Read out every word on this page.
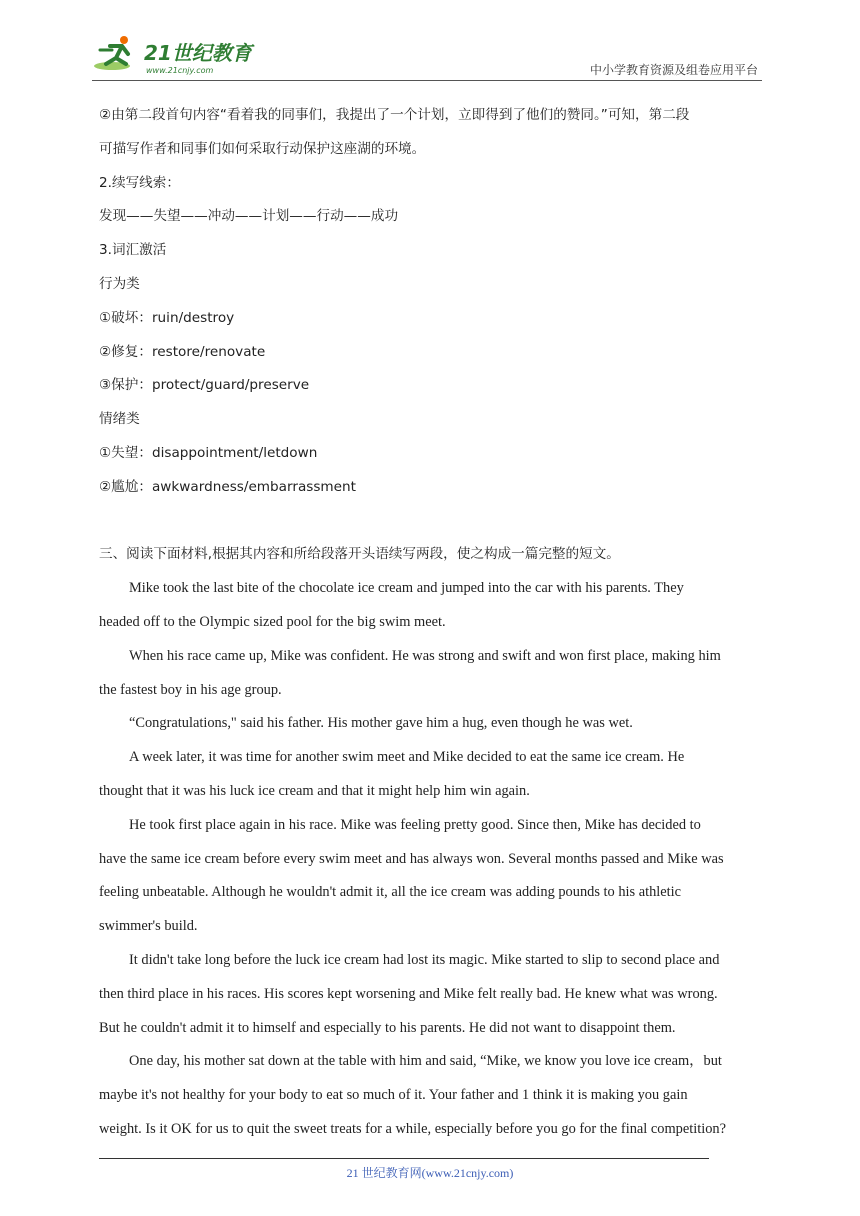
21世纪教育
www.21cnjy.com	中小学教育资源及组卷应用平台
②由第二段首句内容“看着我的同事们，我提出了一个计划，立即得到了他们的赞同。”可知，第二段
可描写作者和同事们如何采取行动保护这座湖的环境。
2.续写线索：
发现——失望——冲动——计划——行动——成功
3.词汇激活
行为类
①破坏：ruin/destroy
②修复：restore/renovate
③保护：protect/guard/preserve
情绪类
①失望：disappointment/letdown
②尴尬：awkwardness/embarrassment
三、阅读下面材料,根据其内容和所给段落开头语续写两段，使之构成一篇完整的短文。
Mike took the last bite of the chocolate ice cream and jumped into the car with his parents. They
headed off to the Olympic sized pool for the big swim meet.
When his race came up, Mike was confident. He was strong and swift and won first place, making him
the fastest boy in his age group.
“Congratulations," said his father. His mother gave him a hug, even though he was wet.
A week later, it was time for another swim meet and Mike decided to eat the same ice cream. He
thought that it was his luck ice cream and that it might help him win again.
He took first place again in his race. Mike was feeling pretty good. Since then, Mike has decided to
have the same ice cream before every swim meet and has always won. Several months passed and Mike was
feeling unbeatable. Although he wouldn't admit it, all the ice cream was adding pounds to his athletic
swimmer's build.
It didn't take long before the luck ice cream had lost its magic. Mike started to slip to second place and
then third place in his races. His scores kept worsening and Mike felt really bad. He knew what was wrong.
But he couldn't admit it to himself and especially to his parents. He did not want to disappoint them.
One day, his mother sat down at the table with him and said, “Mike, we know you love ice cream，but
maybe it's not healthy for your body to eat so much of it. Your father and 1 think it is making you gain
weight. Is it OK for us to quit the sweet treats for a while, especially before you go for the final competition?
21 世纪教育网(www.21cnjy.com)
